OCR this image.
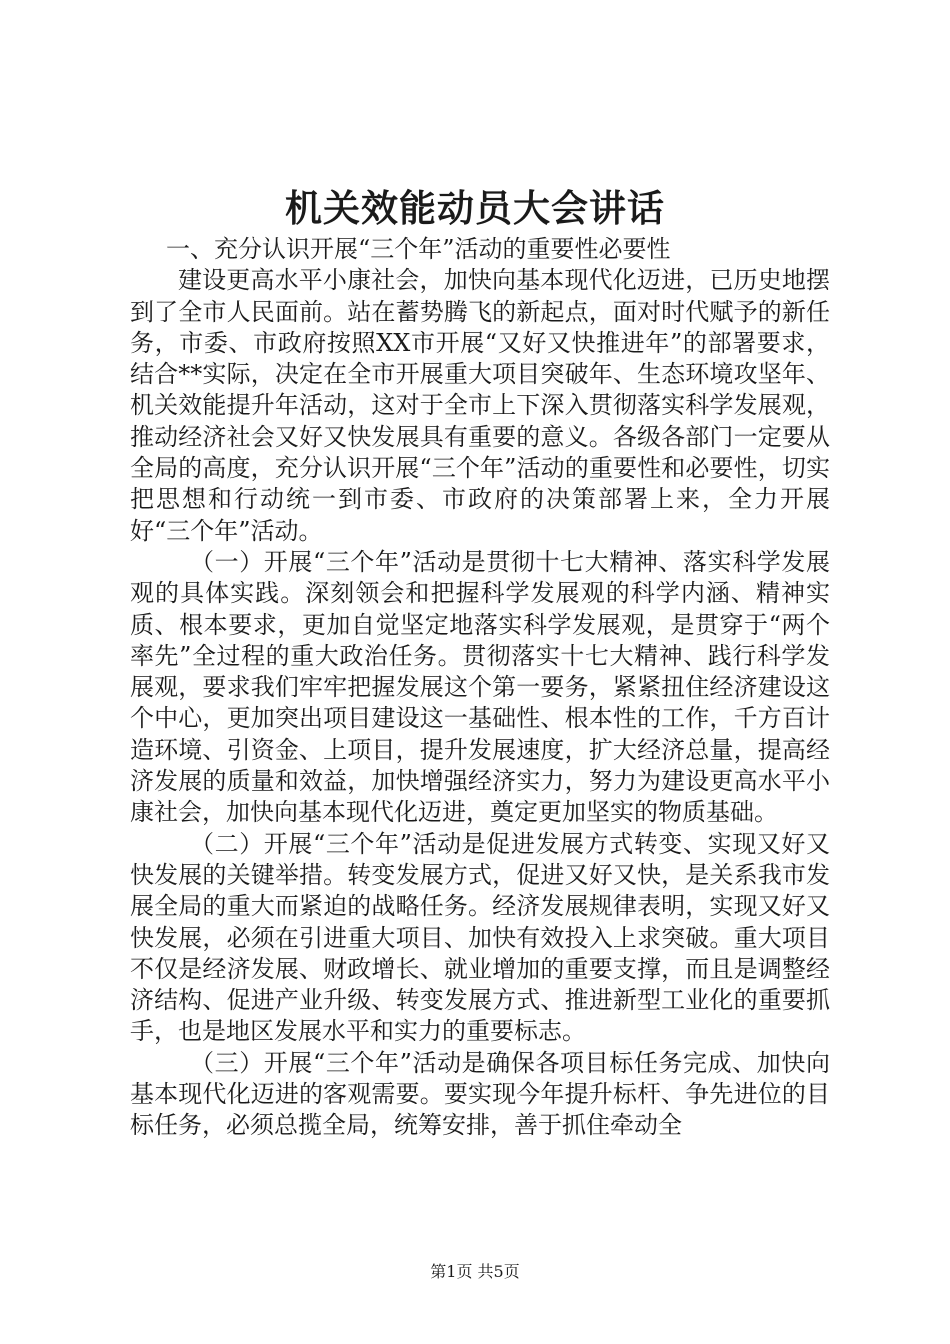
机关效能动员大会讲话

一、充分认识开展“三个年”活动的重要性必要性

建设更高水平小康社会，加快向基本现代化迈进，已历史地摆到了全市人民面前。站在蓄势腾飞的新起点，面对时代赋予的新任务，市委、市政府按照XX市开展“又好又快推进年”的部署要求，结合**实际，决定在全市开展重大项目突破年、生态环境攻坚年、机关效能提升年活动，这对于全市上下深入贯彻落实科学发展观，推动经济社会又好又快发展具有重要的意义。各级各部门一定要从全局的高度，充分认识开展“三个年”活动的重要性和必要性，切实把思想和行动统一到市委、市政府的决策部署上来，全力开展好“三个年”活动。

（一）开展“三个年”活动是贯彻十七大精神、落实科学发展观的具体实践。深刻领会和把握科学发展观的科学内涵、精神实质、根本要求，更加自觉坚定地落实科学发展观，是贯穿于“两个率先”全过程的重大政治任务。贯彻落实十七大精神、践行科学发展观，要求我们牢牢把握发展这个第一要务，紧紧扭住经济建设这个中心，更加突出项目建设这一基础性、根本性的工作，千方百计造环境、引资金、上项目，提升发展速度，扩大经济总量，提高经济发展的质量和效益，加快增强经济实力，努力为建设更高水平小康社会，加快向基本现代化迈进，奠定更加坚实的物质基础。

（二）开展“三个年”活动是促进发展方式转变、实现又好又快发展的关键举措。转变发展方式，促进又好又快，是关系我市发展全局的重大而紧迫的战略任务。经济发展规律表明，实现又好又快发展，必须在引进重大项目、加快有效投入上求突破。重大项目不仅是经济发展、财政增长、就业增加的重要支撑，而且是调整经济结构、促进产业升级、转变发展方式、推进新型工业化的重要抓手，也是地区发展水平和实力的重要标志。

（三）开展“三个年”活动是确保各项目标任务完成、加快向基本现代化迈进的客观需要。要实现今年提升标杆、争先进位的目标任务，必须总揽全局，统筹安排，善于抓住牵动全

第1页 共5页
